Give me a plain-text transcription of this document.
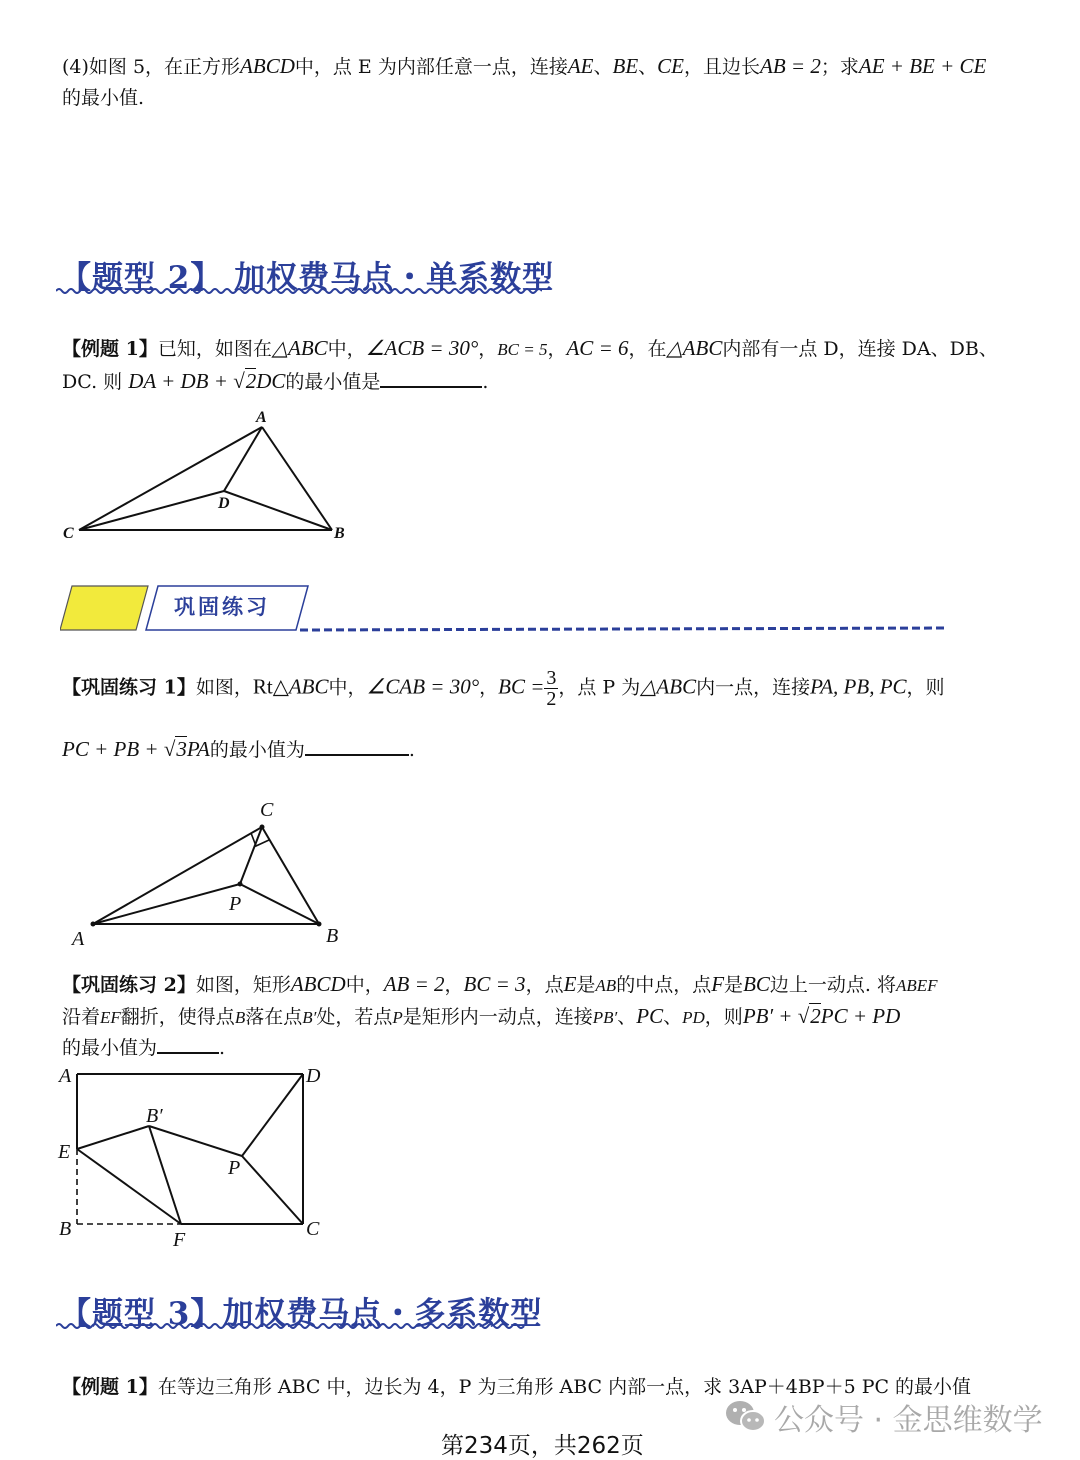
(4)如图 5，在正方形ABCD中，点 E 为内部任意一点，连接AE、BE、CE，且边长AB = 2；求AE + BE + CE
的最小值.
【题型 2】 加权费马点・单系数型
【例题 1】已知，如图在△ABC中，∠ACB = 30°，BC = 5，AC = 6，在△ABC内部有一点 D，连接 DA、DB、
DC. 则 DA + DB + √2DC的最小值是	.
A
B
C
D
巩固练习
【巩固练习 1】如图，Rt△ABC中，∠CAB = 30°，BC = $\frac{3}{2}$ ，点 P 为△ABC内一点，连接PA, PB, PC，则
PC + PB + √3PA的最小值为	.
A	B
C
P
【巩固练习 2】如图，矩形ABCD中，AB = 2，BC = 3，点E是AB的中点，点F是BC边上一动点. 将ABEF
沿着EF翻折，使得点B落在点B′处，若点P是矩形内一动点，连接PB′、PC、PD，则PB′ + √2PC + PD
的最小值为	.
A
B	C
D
E
F
B′
P
【题型 3】加权费马点・多系数型
【例题 1】在等边三角形 ABC 中，边长为 4，P 为三角形 ABC 内部一点，求 3AP＋4BP＋5 PC 的最小值
公众号 · 金思维数学
第234页，共262页
